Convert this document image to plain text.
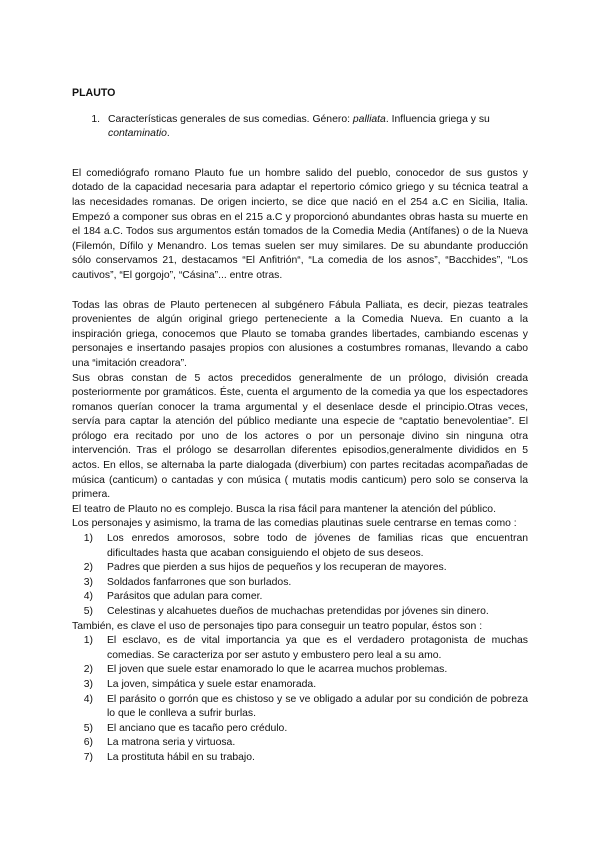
PLAUTO
1. Características generales de sus comedias. Género: palliata. Influencia griega y su contaminatio.

El comediógrafo romano Plauto fue un hombre salido del pueblo, conocedor de sus gustos y dotado de la capacidad necesaria para adaptar el repertorio cómico griego y su técnica teatral a las necesidades romanas. De origen incierto, se dice que nació en el 254 a.C en Sicilia, Italia. Empezó a componer sus obras en el 215 a.C y proporcionó abundantes obras hasta su muerte en el 184 a.C. Todos sus argumentos están tomados de la Comedia Media (Antífanes) o de la Nueva (Filemón, Dífilo y Menandro. Los temas suelen ser muy similares. De su abundante producción sólo conservamos 21, destacamos “El Anfitrión“, “La comedia de los asnos”, “Bacchides”, “Los cautivos”, “El gorgojo”, “Cásina”... entre otras.

Todas las obras de Plauto pertenecen al subgénero Fábula Palliata, es decir, piezas teatrales provenientes de algún original griego perteneciente a la Comedia Nueva. En cuanto a la inspiración griega, conocemos que Plauto se tomaba grandes libertades, cambiando escenas y personajes e insertando pasajes propios con alusiones a costumbres romanas, llevando a cabo una “imitación creadora”.

Sus obras constan de 5 actos precedidos generalmente de un prólogo, división creada posteriormente por gramáticos. Éste, cuenta el argumento de la comedia ya que los espectadores romanos querían conocer la trama argumental y el desenlace desde el principio.Otras veces, servía para captar la atención del público mediante una especie de “captatio benevolentiae”. El prólogo era recitado por uno de los actores o por un personaje divino sin ninguna otra intervención. Tras el prólogo se desarrollan diferentes episodios,generalmente divididos en 5 actos. En ellos, se alternaba la parte dialogada (diverbium) con partes recitadas acompañadas de música (canticum) o cantadas y con música ( mutatis modis canticum) pero solo se conserva la primera.

El teatro de Plauto no es complejo. Busca la risa fácil para mantener la atención del público.

Los personajes y asimismo, la trama de las comedias plautinas suele centrarse en temas como :

1)	Los enredos amorosos, sobre todo de jóvenes de familias ricas que encuentran dificultades hasta que acaban consiguiendo el objeto de sus deseos.
2)	Padres que pierden a sus hijos de pequeños y los recuperan de mayores.
3)	Soldados fanfarrones que son burlados.
4)	Parásitos que adulan para comer.
5)	Celestinas y alcahuetes dueños de muchachas pretendidas por jóvenes sin dinero.

También, es clave el uso de personajes tipo para conseguir un teatro popular, éstos son :

1)	El esclavo, es de vital importancia ya que es el verdadero protagonista de muchas comedias. Se caracteriza por ser astuto y embustero pero leal a su amo.
2)	El joven que suele estar enamorado lo que le acarrea muchos problemas.
3)	La joven, simpática y suele estar enamorada.
4)	El parásito o gorrón que es chistoso y se ve obligado a adular por su condición de pobreza lo que le conlleva a sufrir burlas.
5)	El anciano que es tacaño pero crédulo.
6)	La matrona seria y virtuosa.
7)	La prostituta hábil en su trabajo.
